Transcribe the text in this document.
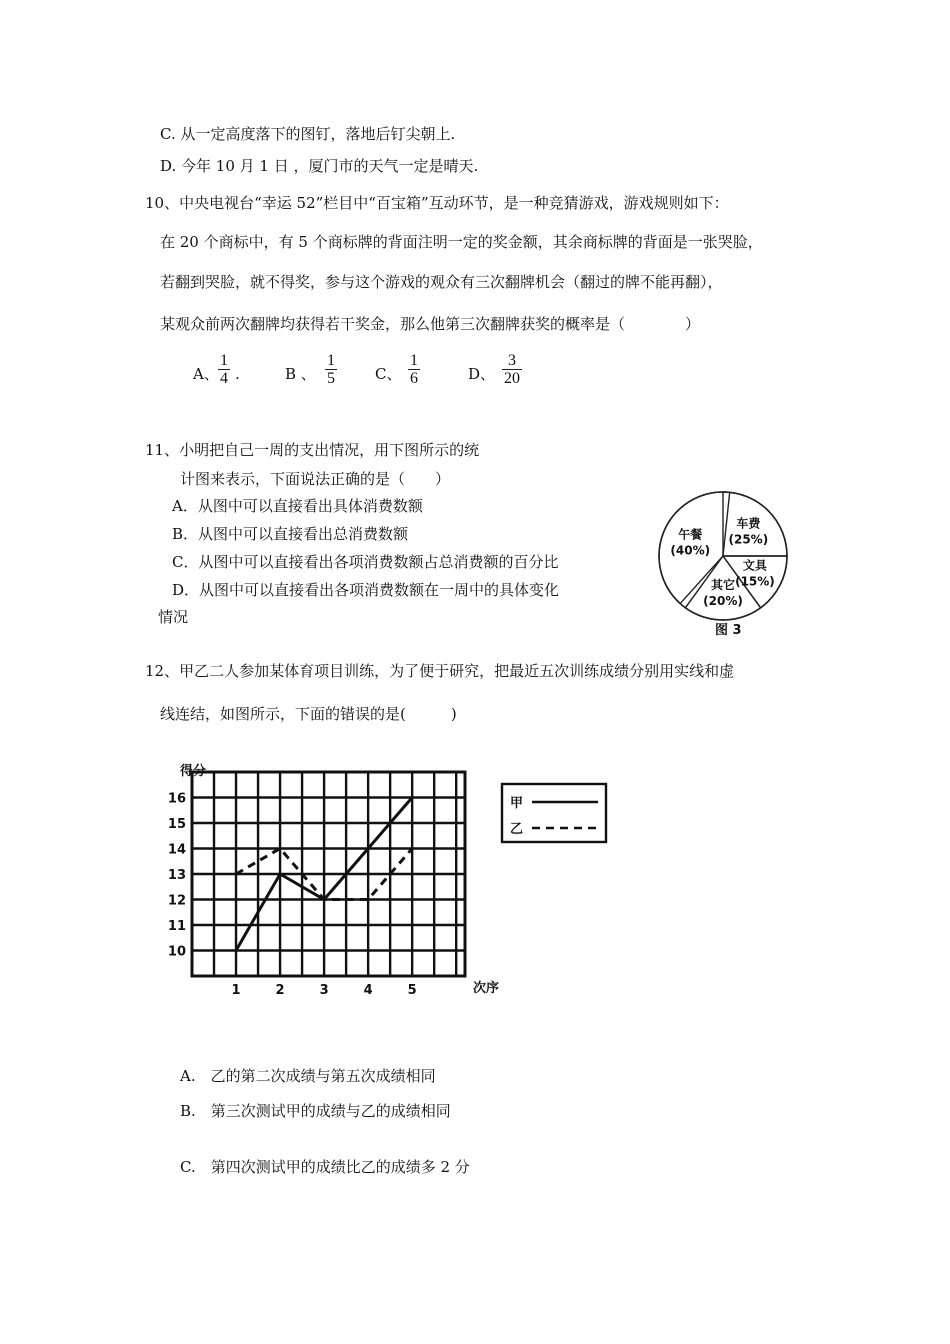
C. 从一定高度落下的图钉，落地后钉尖朝上.
D. 今年 10 月 1 日 ，厦门市的天气一定是晴天.
10、中央电视台“幸运 52”栏目中“百宝箱”互动环节，是一种竞猜游戏，游戏规则如下：
在 20 个商标中，有 5 个商标牌的背面注明一定的奖金额，其余商标牌的背面是一张哭脸，
若翻到哭脸，就不得奖，参与这个游戏的观众有三次翻牌机会（翻过的牌不能再翻），
某观众前两次翻牌均获得若干奖金，那么他第三次翻牌获奖的概率是（　　　　）
A、
1
4 .	B 、
1
5	C、
1
6	D、
3
20
11、小明把自己一周的支出情况，用下图所示的统
计图来表示，下面说法正确的是（　　）
A．从图中可以直接看出具体消费数额
B．从图中可以直接看出总消费数额
C．从图中可以直接看出各项消费数额占总消费额的百分比
D．从图中可以直接看出各项消费数额在一周中的具体变化
情况
午餐
(40%)
车费
(25%)
文具
(15%)
其它
(20%)
图 3
12、甲乙二人参加某体育项目训练，为了便于研究，把最近五次训练成绩分别用实线和虚
线连结，如图所示，下面的错误的是(　　　)
10
11
12
13
14
15
16
1	2	3	4	5
甲
乙
得分
次序
A.　乙的第二次成绩与第五次成绩相同
B.　第三次测试甲的成绩与乙的成绩相同
C.　第四次测试甲的成绩比乙的成绩多 2 分
